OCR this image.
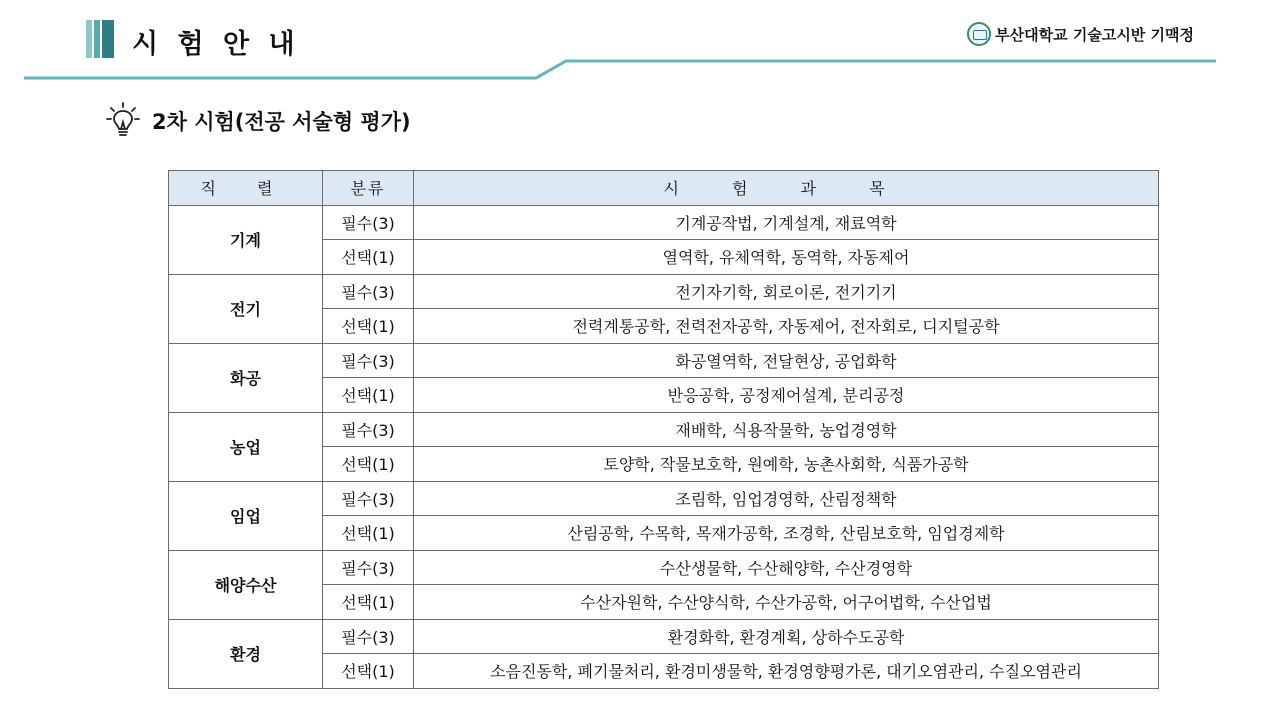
시 험 안 내	부산대학교 기술고시반 기맥정
2차 시험(전공 서술형 평가)
직 렬	분류	시 험 과 목
기계	필수(3)	기계공작법, 기계설계, 재료역학
	선택(1)	열역학, 유체역학, 동역학, 자동제어
전기	필수(3)	전기자기학, 회로이론, 전기기기
	선택(1)	전력계통공학, 전력전자공학, 자동제어, 전자회로, 디지털공학
화공	필수(3)	화공열역학, 전달현상, 공업화학
	선택(1)	반응공학, 공정제어설계, 분리공정
농업	필수(3)	재배학, 식용작물학, 농업경영학
	선택(1)	토양학, 작물보호학, 원예학, 농촌사회학, 식품가공학
임업	필수(3)	조림학, 임업경영학, 산림정책학
	선택(1)	산림공학, 수목학, 목재가공학, 조경학, 산림보호학, 임업경제학
해양수산	필수(3)	수산생물학, 수산해양학, 수산경영학
	선택(1)	수산자원학, 수산양식학, 수산가공학, 어구어법학, 수산업법
환경	필수(3)	환경화학, 환경계획, 상하수도공학
	선택(1)	소음진동학, 폐기물처리, 환경미생물학, 환경영향평가론, 대기오염관리, 수질오염관리
